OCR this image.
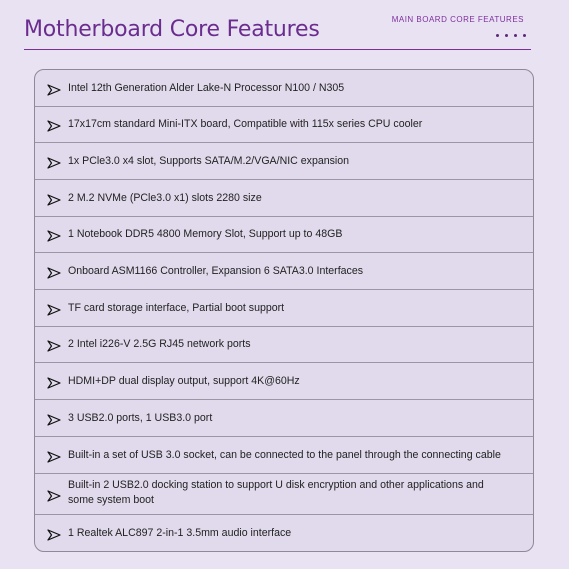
Motherboard Core Features	MAIN BOARD CORE FEATURES
Intel 12th Generation Alder Lake-N Processor N100 / N305
17x17cm standard Mini-ITX board, Compatible with 115x series CPU cooler
1x PCle3.0 x4 slot, Supports SATA/M.2/VGA/NIC expansion
2 M.2 NVMe (PCle3.0 x1) slots 2280 size
1 Notebook DDR5 4800 Memory Slot, Support up to 48GB
Onboard ASM1166 Controller, Expansion 6 SATA3.0 Interfaces
TF card storage interface, Partial boot support
2 Intel i226-V 2.5G RJ45 network ports
HDMI+DP dual display output, support 4K@60Hz
3 USB2.0 ports, 1 USB3.0 port
Built-in a set of USB 3.0 socket, can be connected to the panel through the connecting cable
Built-in 2 USB2.0 docking station to support U disk encryption and other applications and some system boot
1 Realtek ALC897 2-in-1 3.5mm audio interface
